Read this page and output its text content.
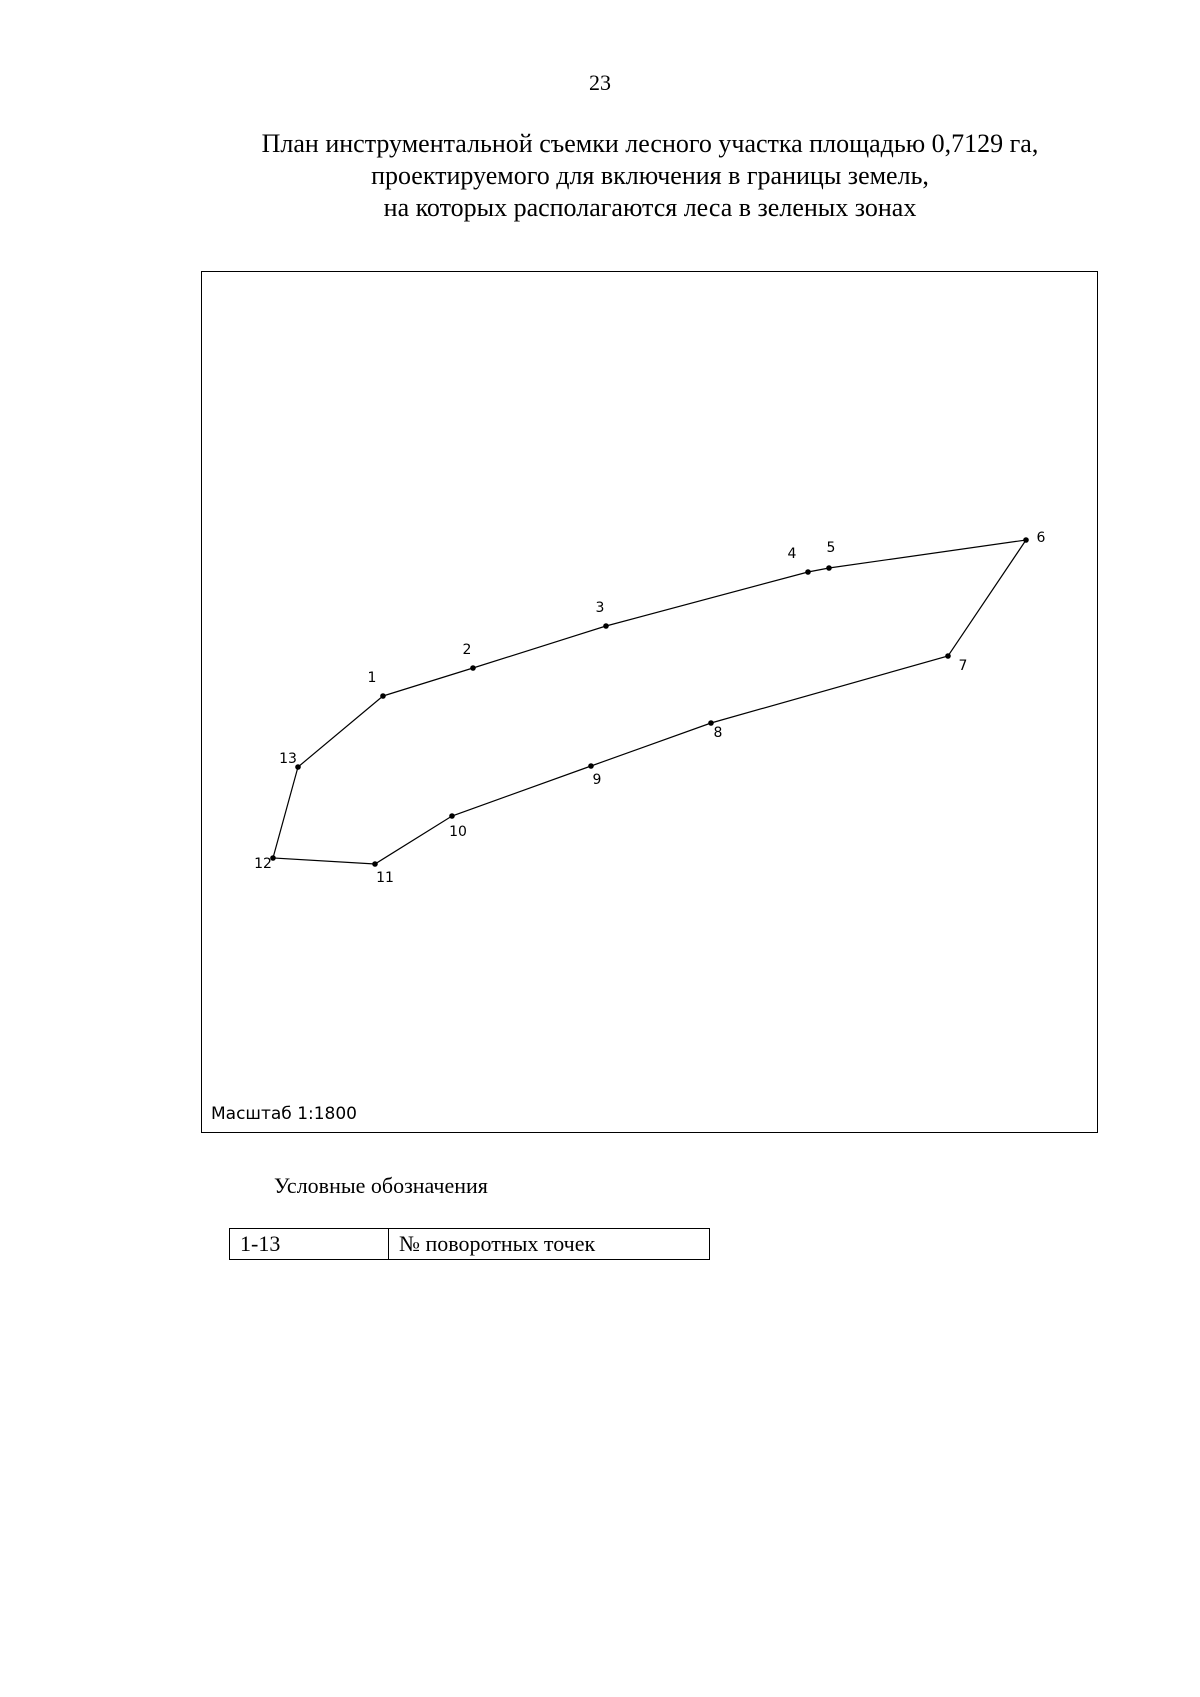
23
План инструментальной съемки лесного участка площадью 0,7129 га,
проектируемого для включения в границы земель,
на которых располагаются леса в зеленых зонах
1
2
3
4 5
6
7
8
9
10
11
12
13
Масштаб 1:1800
Условные обозначения
1-13	№ поворотных точек
